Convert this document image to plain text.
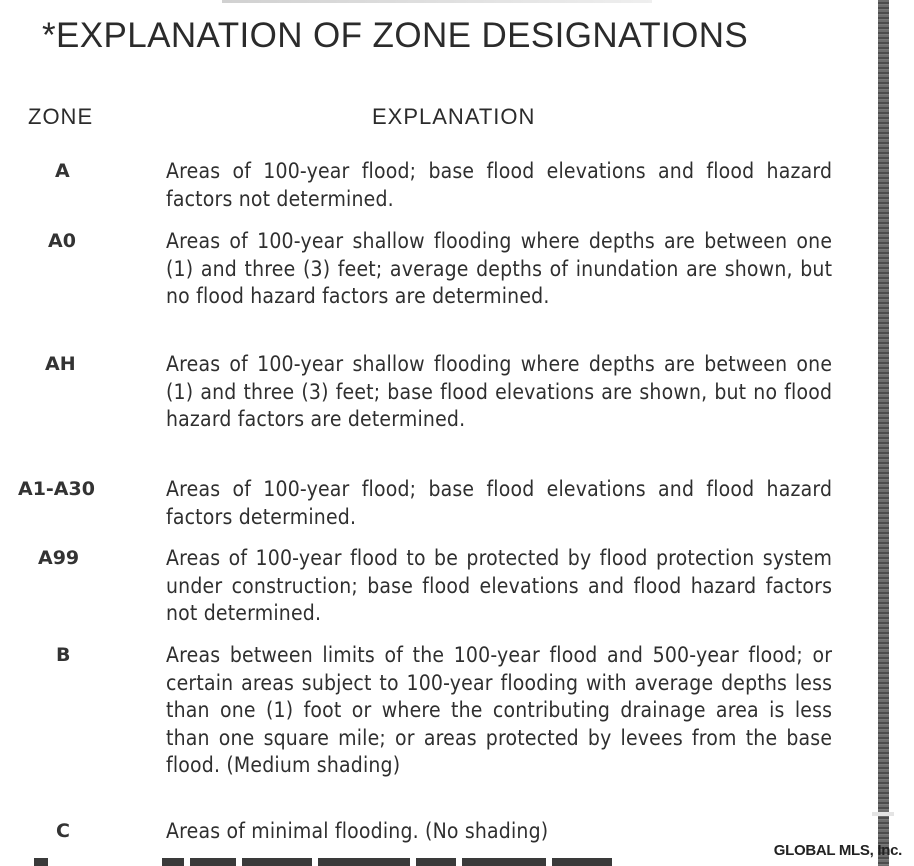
*EXPLANATION OF ZONE DESIGNATIONS
ZONE	EXPLANATION
A	Areas of 100-year flood; base flood elevations and flood hazard factors not determined.
A0	Areas of 100-year shallow flooding where depths are between one (1) and three (3) feet; average depths of inundation are shown, but no flood hazard factors are determined.
AH	Areas of 100-year shallow flooding where depths are between one (1) and three (3) feet; base flood elevations are shown, but no flood hazard factors are determined.
A1-A30	Areas of 100-year flood; base flood elevations and flood hazard factors determined.
A99	Areas of 100-year flood to be protected by flood protection system under construction; base flood elevations and flood hazard factors not determined.
B	Areas between limits of the 100-year flood and 500-year flood; or certain areas subject to 100-year flooding with average depths less than one (1) foot or where the contributing drainage area is less than one square mile; or areas protected by levees from the base flood. (Medium shading)
C	Areas of minimal flooding. (No shading)
GLOBAL MLS, Inc.
